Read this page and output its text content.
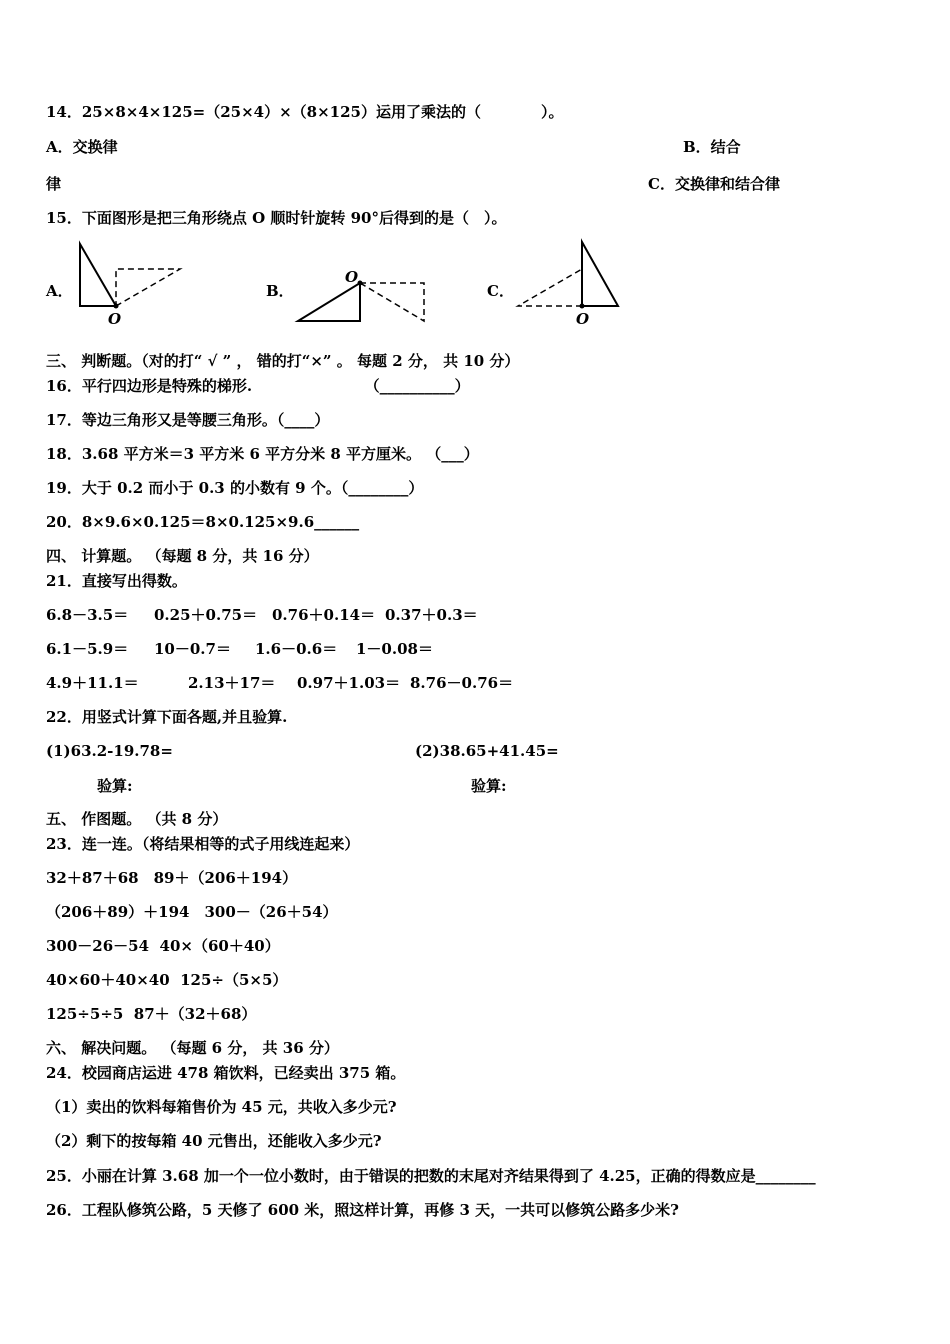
14．25×8×4×125=（25×4）×（8×125）运用了乘法的（　　　　）。
A．交换律	B．结合
律	C．交换律和结合律
15．下面图形是把三角形绕点 O 顺时针旋转 90°后得到的是（　）。
A．
O
B．
O
C．
O
三、 判断题。（对的打“ √ ” ， 错的打“×” 。 每题 2 分， 共 10 分）
16．平行四边形是特殊的梯形.　　　　　　　　（__________）
17．等边三角形又是等腰三角形。（____）
18．3.68 平方米＝3 平方米 6 平方分米 8 平方厘米。 （___）
19．大于 0.2 而小于 0.3 的小数有 9 个。（________）
20．8×9.6×0.125＝8×0.125×9.6______
四、 计算题。 （每题 8 分，共 16 分）
21．直接写出得数。
6.8－3.5＝ 0.25＋0.75＝ 0.76＋0.14＝ 0.37＋0.3＝
6.1－5.9＝ 10－0.7＝ 1.6－0.6＝ 1－0.08＝
4.9＋11.1＝	2.13＋17＝ 0.97＋1.03＝ 8.76－0.76＝
22．用竖式计算下面各题,并且验算.
(1)63.2-19.78=	(2)38.65+41.45=
验算:	验算:
五、 作图题。 （共 8 分）
23．连一连。（将结果相等的式子用线连起来）
32＋87＋68　89＋（206＋194）
（206＋89）＋194　300－（26＋54）
300－26－54  40×（60＋40）
40×60＋40×40  125÷（5×5）
125÷5÷5  87＋（32＋68）
六、 解决问题。 （每题 6 分， 共 36 分）
24．校园商店运进 478 箱饮料，已经卖出 375 箱。
（1）卖出的饮料每箱售价为 45 元，共收入多少元?
（2）剩下的按每箱 40 元售出，还能收入多少元?
25．小丽在计算 3.68 加一个一位小数时，由于错误的把数的末尾对齐结果得到了 4.25，正确的得数应是________
26．工程队修筑公路，5 天修了 600 米，照这样计算，再修 3 天，一共可以修筑公路多少米?
